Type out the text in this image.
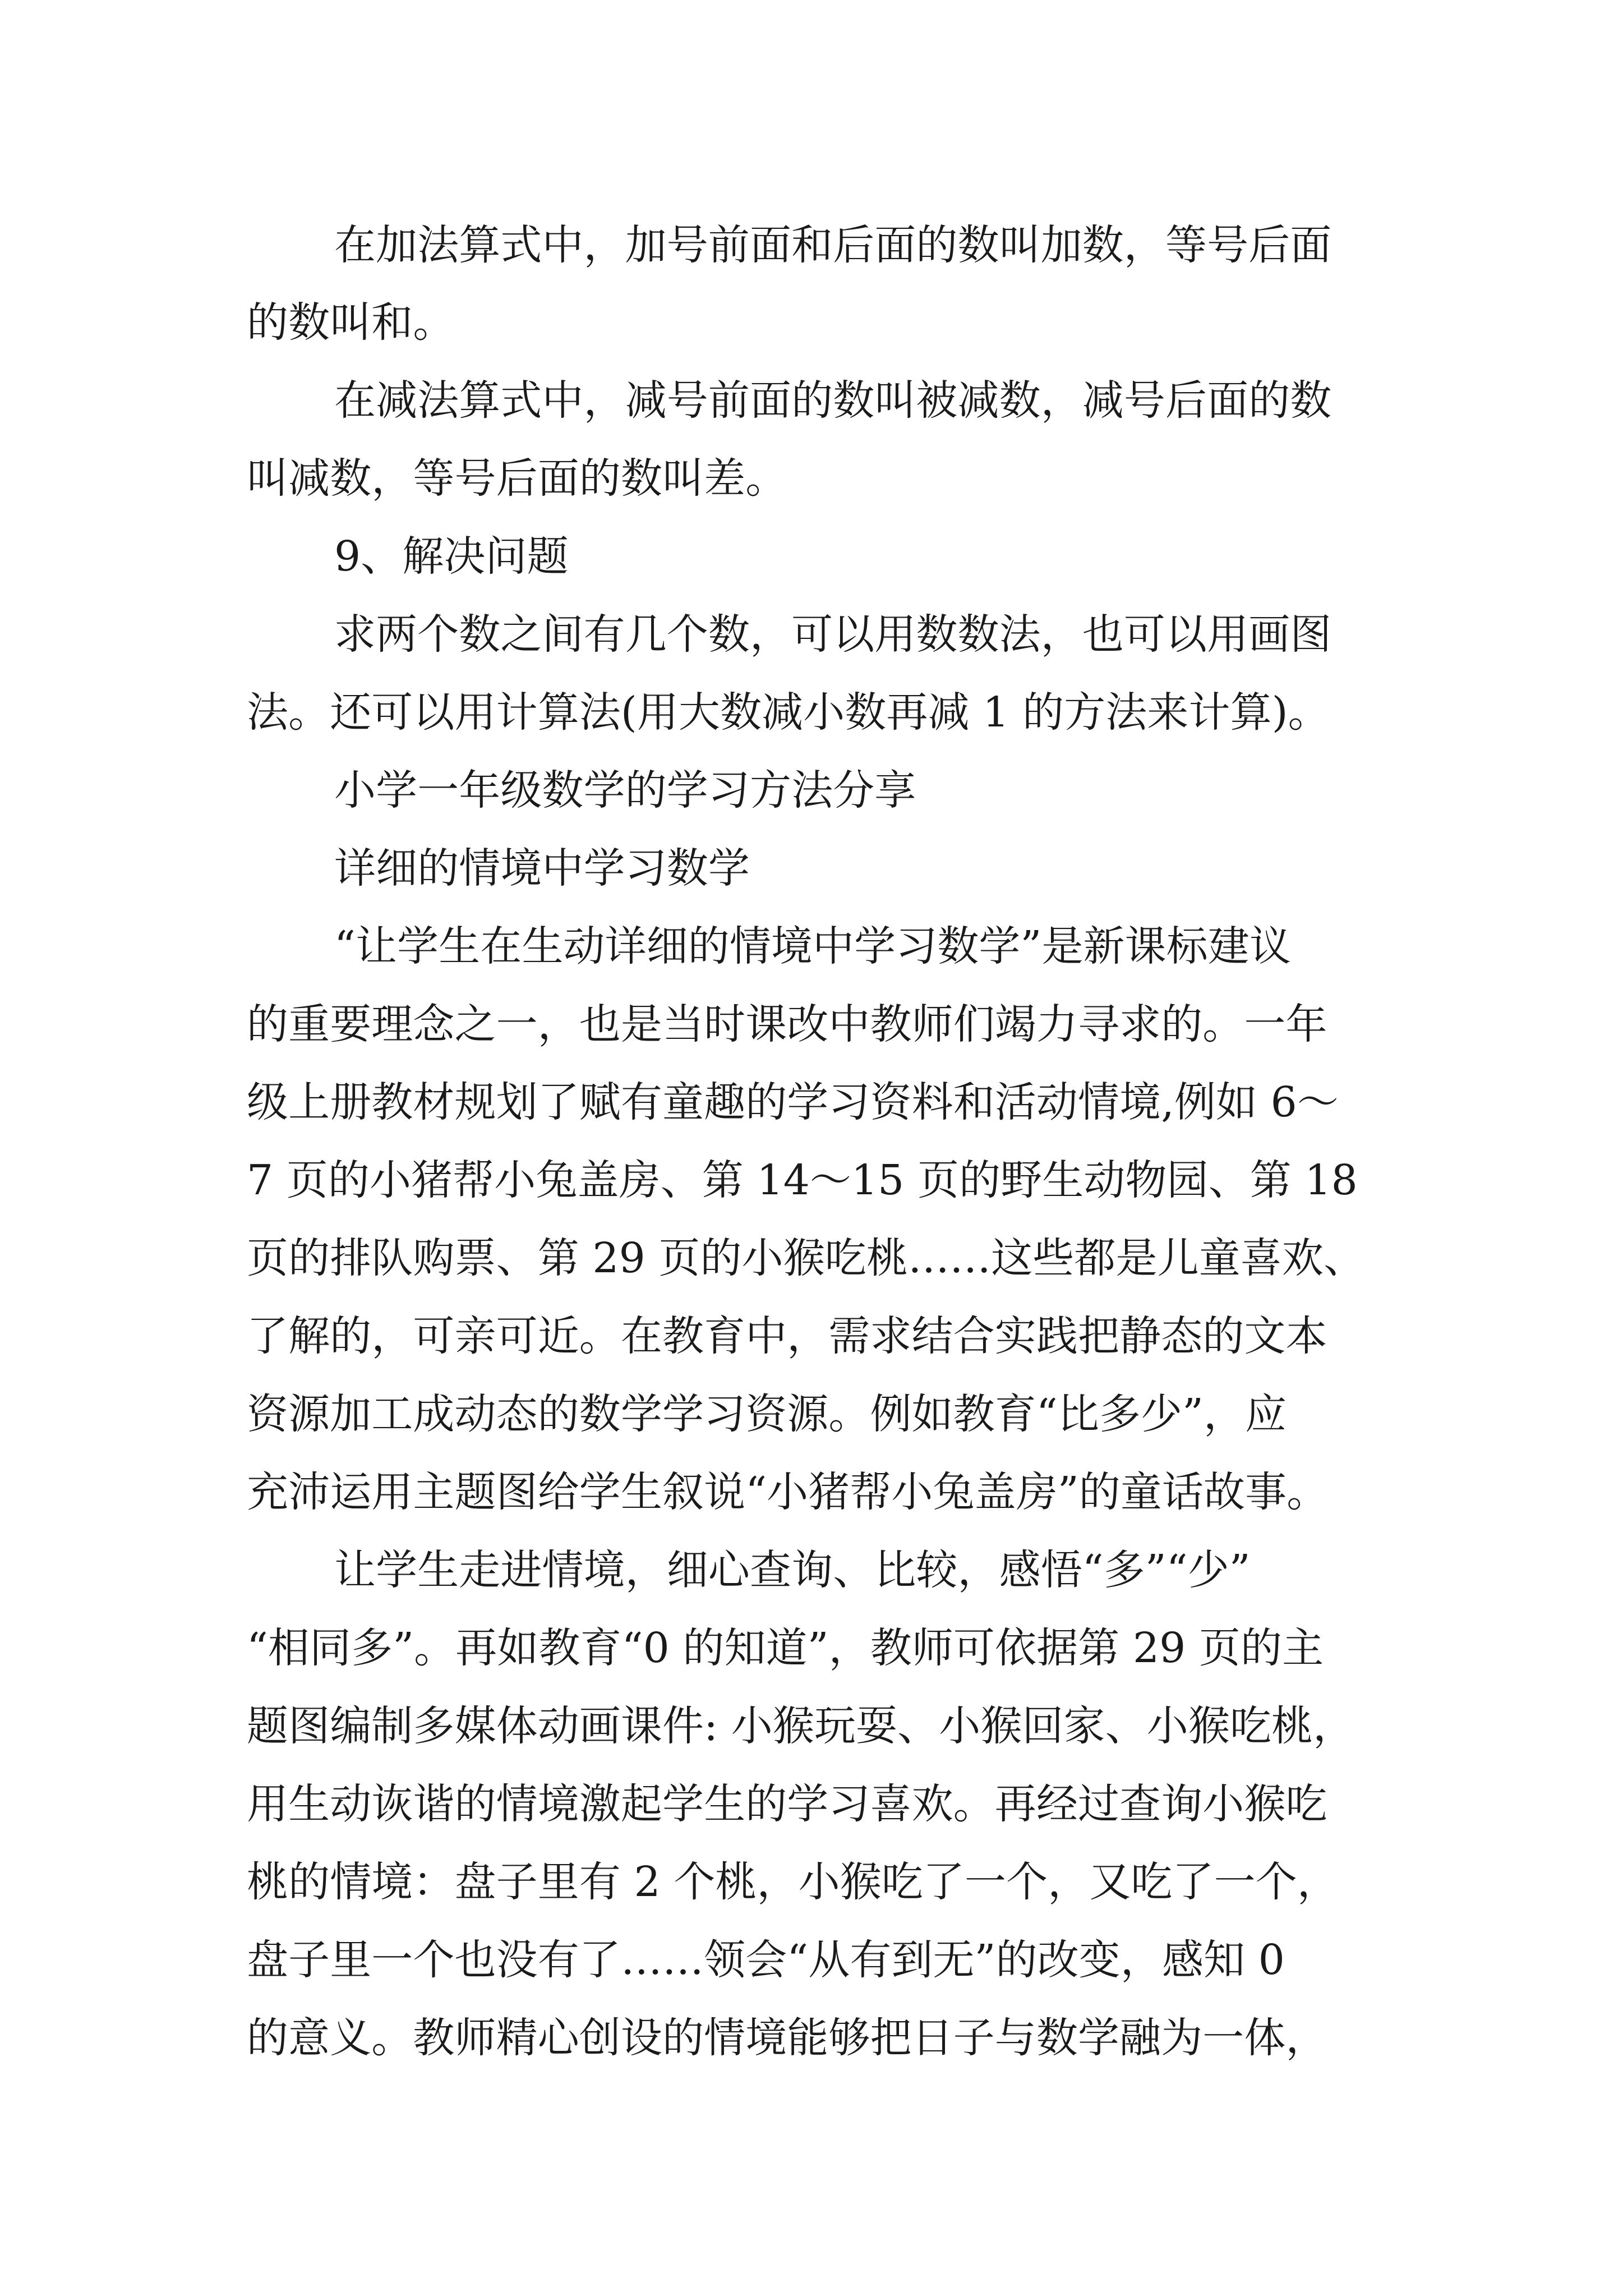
在加法算式中，加号前面和后面的数叫加数，等号后面
的数叫和。
在减法算式中，减号前面的数叫被减数，减号后面的数
叫减数，等号后面的数叫差。
9、解决问题
求两个数之间有几个数，可以用数数法，也可以用画图
法。还可以用计算法(用大数减小数再减 1 的方法来计算)。
小学一年级数学的学习方法分享
详细的情境中学习数学
“让学生在生动详细的情境中学习数学”是新课标建议
的重要理念之一，也是当时课改中教师们竭力寻求的。一年
级上册教材规划了赋有童趣的学习资料和活动情境,例如 6～
7 页的小猪帮小兔盖房、第 14～15 页的野生动物园、第 18
页的排队购票、第 29 页的小猴吃桃……这些都是儿童喜欢、
了解的，可亲可近。在教育中，需求结合实践把静态的文本
资源加工成动态的数学学习资源。例如教育“比多少”，应
充沛运用主题图给学生叙说“小猪帮小兔盖房”的童话故事。
让学生走进情境，细心查询、比较，感悟“多”“少”
“相同多”。再如教育“0 的知道”，教师可依据第 29 页的主
题图编制多媒体动画课件: 小猴玩耍、小猴回家、小猴吃桃，
用生动诙谐的情境激起学生的学习喜欢。再经过查询小猴吃
桃的情境：盘子里有 2 个桃，小猴吃了一个，又吃了一个，
盘子里一个也没有了……领会“从有到无”的改变，感知 0
的意义。教师精心创设的情境能够把日子与数学融为一体，
